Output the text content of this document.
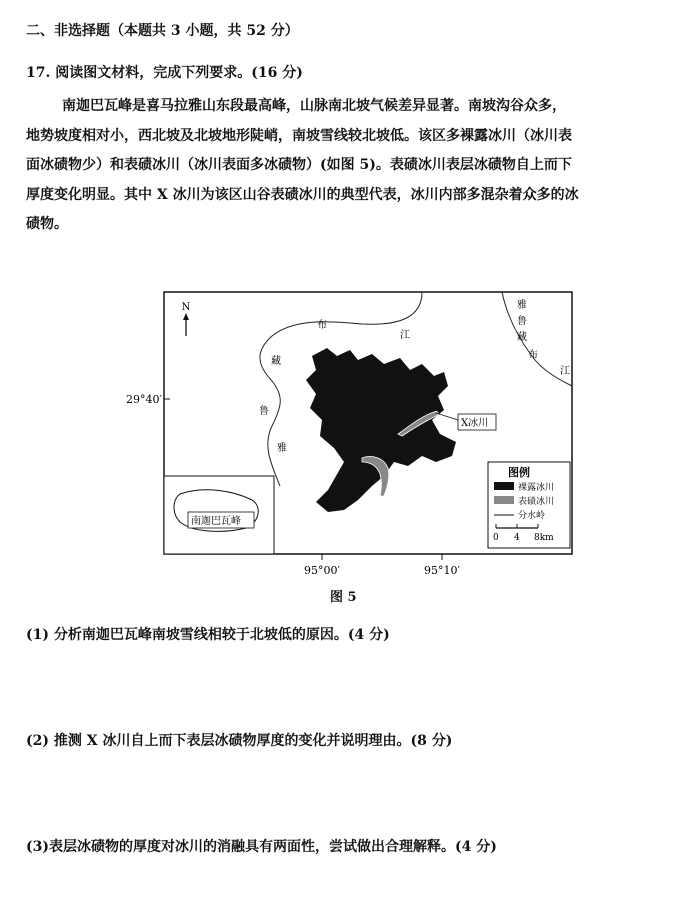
二、非选择题（本题共 3 小题，共 52 分）
17. 阅读图文材料，完成下列要求。(16 分)
南迦巴瓦峰是喜马拉雅山东段最高峰，山脉南北坡气候差异显著。南坡沟谷众多，
地势坡度相对小，西北坡及北坡地形陡峭，南坡雪线较北坡低。该区多裸露冰川（冰川表
面冰碛物少）和表碛冰川（冰川表面多冰碛物）(如图 5)。表碛冰川表层冰碛物自上而下
厚度变化明显。其中 X 冰川为该区山谷表碛冰川的典型代表，冰川内部多混杂着众多的冰
碛物。
N
布
江
藏
鲁
雅
雅
鲁
藏
布
江
29°40′
X冰川
南迦巴瓦峰
图例
裸露冰川
表碛冰川
分水岭
0 4 8km
95°00′	95°10′
图 5
(1) 分析南迦巴瓦峰南坡雪线相较于北坡低的原因。(4 分)
(2) 推测 X 冰川自上而下表层冰碛物厚度的变化并说明理由。(8 分)
(3)表层冰碛物的厚度对冰川的消融具有两面性，尝试做出合理解释。(4 分)
